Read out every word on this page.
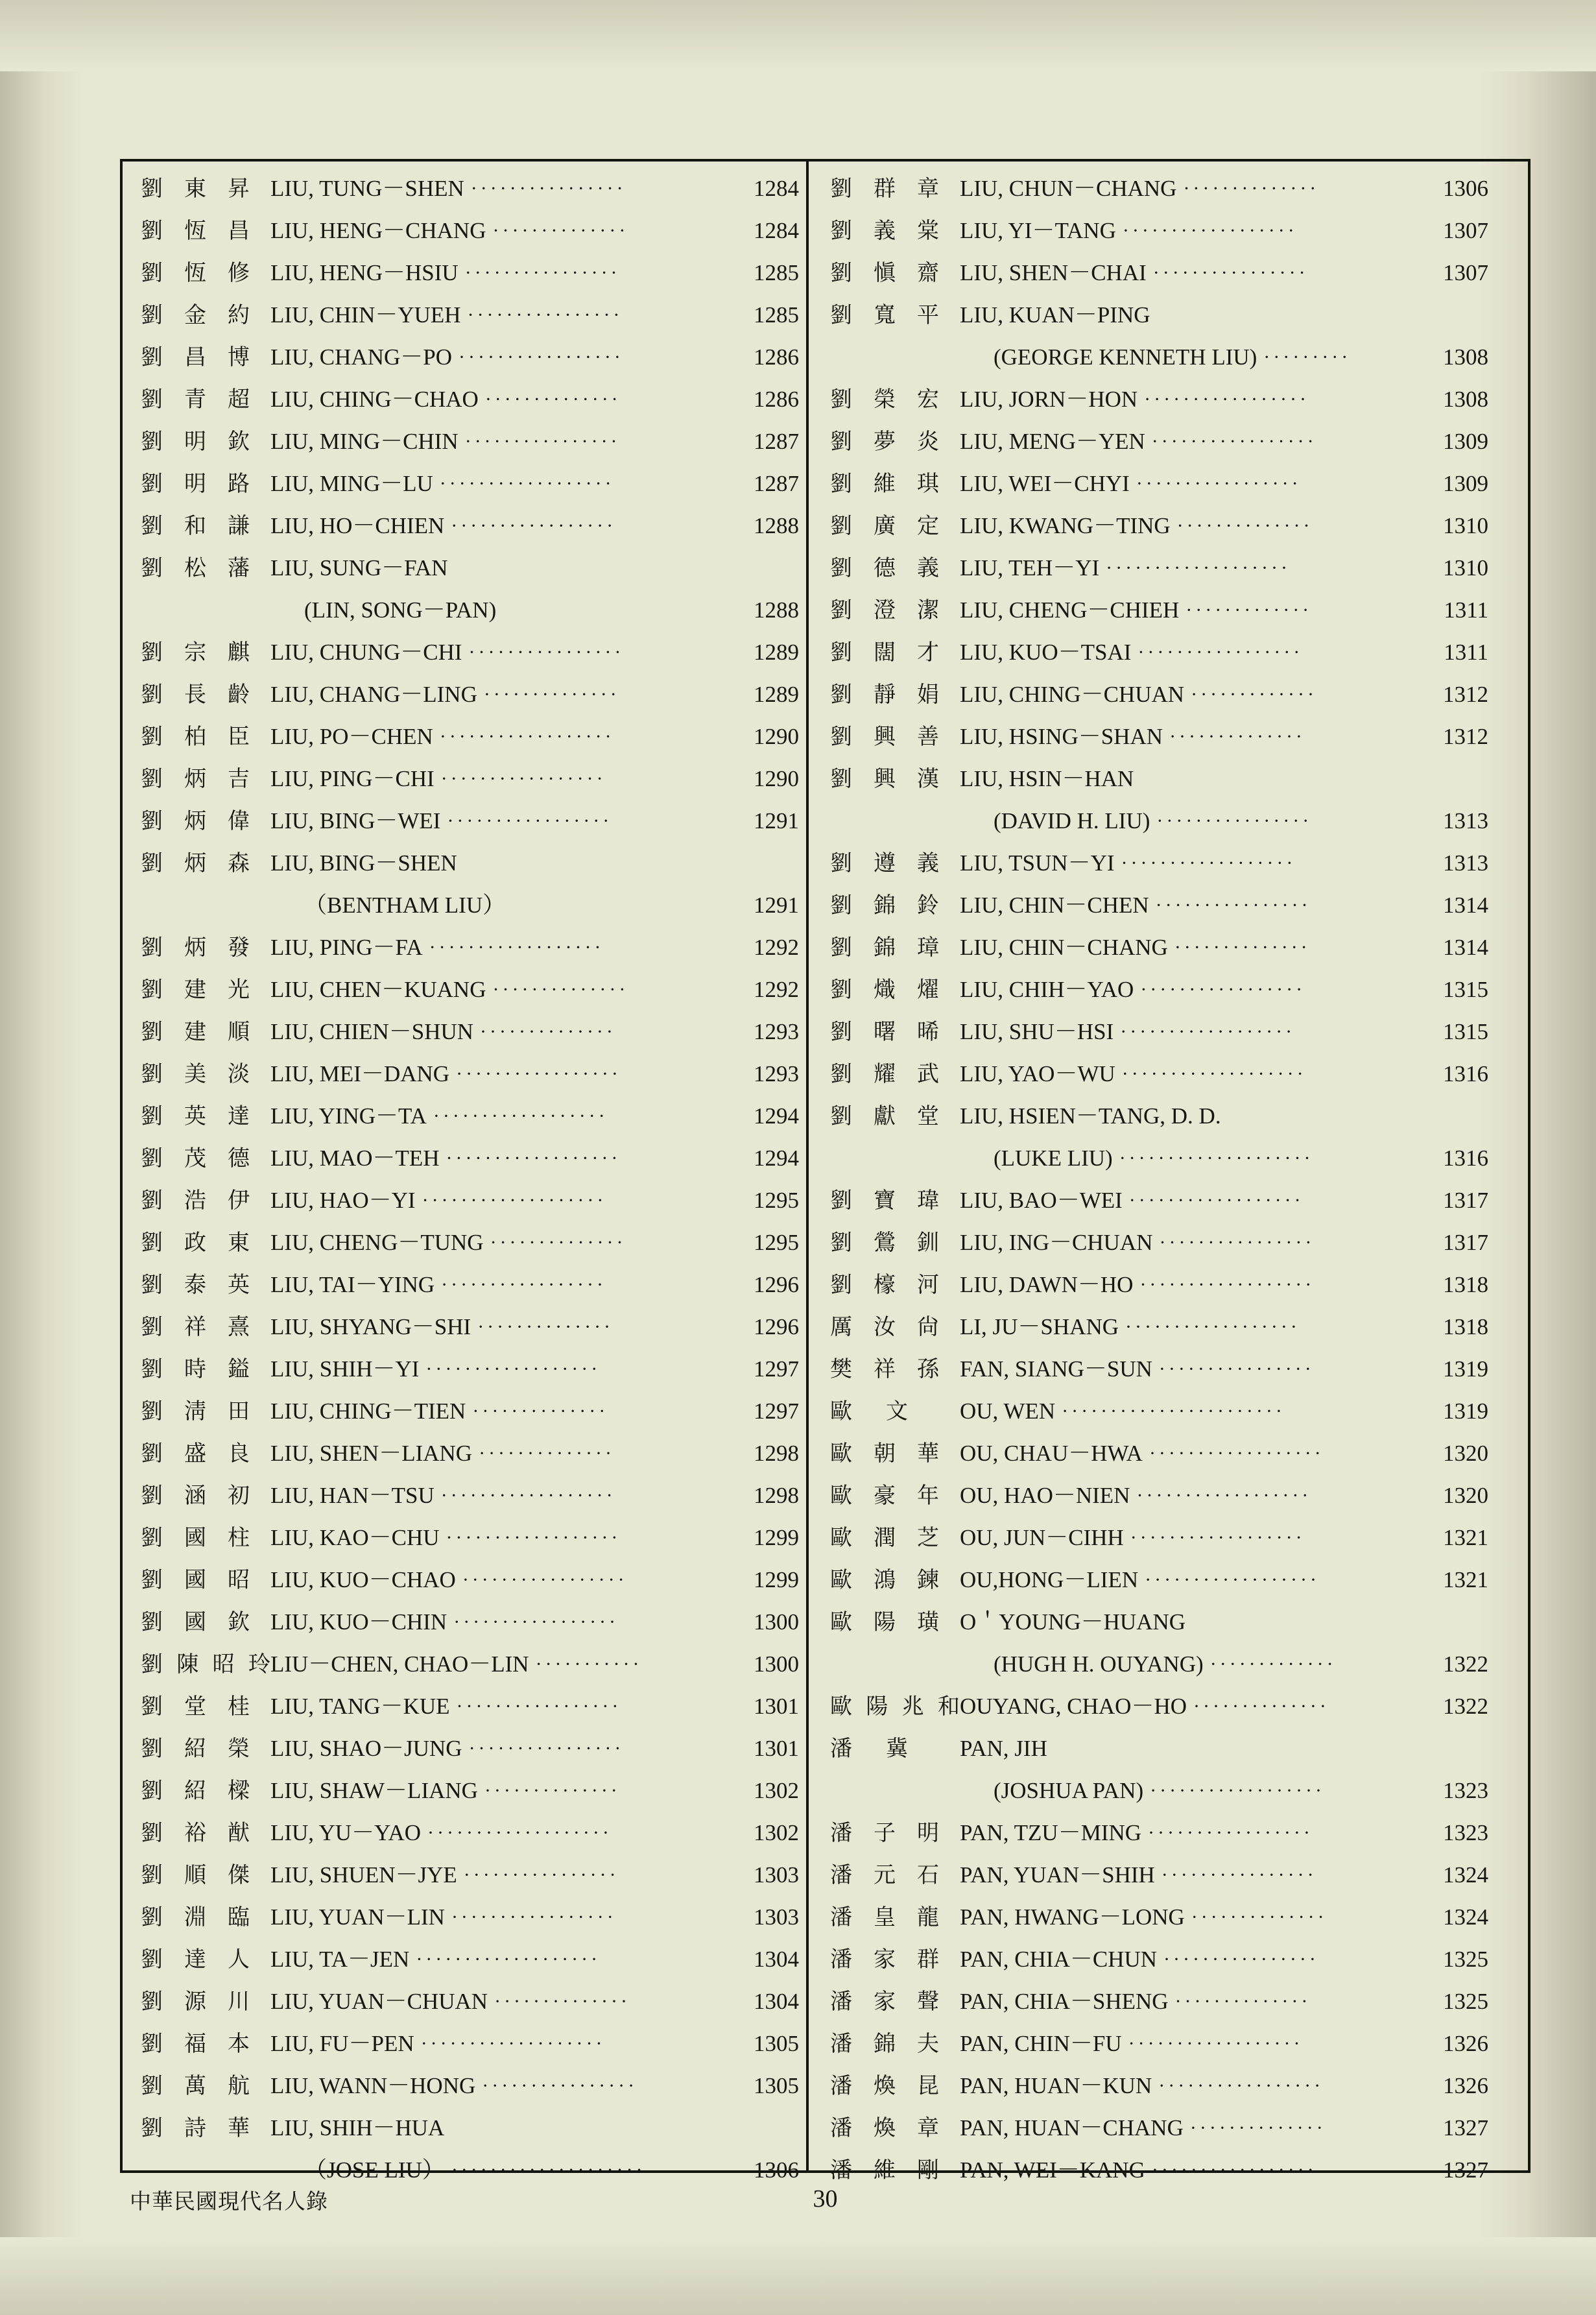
劉 東 昇 LIU, TUNG－SHEN ················	1284
劉 恆 昌 LIU, HENG－CHANG ··············	1284
劉 恆 修 LIU, HENG－HSIU ················	1285
劉 金 約 LIU, CHIN－YUEH ················	1285
劉 昌 博 LIU, CHANG－PO ·················	1286
劉 青 超 LIU, CHING－CHAO ··············	1286
劉 明 欽 LIU, MING－CHIN ················	1287
劉 明 路 LIU, MING－LU ··················	1287
劉 和 謙 LIU, HO－CHIEN ·················	1288
劉 松 藩 LIU, SUNG－FAN
(LIN, SONG－PAN)	1288
劉 宗 麒 LIU, CHUNG－CHI ················	1289
劉 長 齡 LIU, CHANG－LING ··············	1289
劉 柏 臣 LIU, PO－CHEN ··················	1290
劉 炳 吉 LIU, PING－CHI ·················	1290
劉 炳 偉 LIU, BING－WEI ·················	1291
劉 炳 森 LIU, BING－SHEN
（BENTHAM LIU）	1291
劉 炳 發 LIU, PING－FA ··················	1292
劉 建 光 LIU, CHEN－KUANG ··············	1292
劉 建 順 LIU, CHIEN－SHUN ··············	1293
劉 美 淡 LIU, MEI－DANG ·················	1293
劉 英 達 LIU, YING－TA ··················	1294
劉 茂 德 LIU, MAO－TEH ··················	1294
劉 浩 伊 LIU, HAO－YI ···················	1295
劉 政 東 LIU, CHENG－TUNG ··············	1295
劉 泰 英 LIU, TAI－YING ·················	1296
劉 祥 熹 LIU, SHYANG－SHI ··············	1296
劉 時 鎰 LIU, SHIH－YI ··················	1297
劉 淸 田 LIU, CHING－TIEN ··············	1297
劉 盛 良 LIU, SHEN－LIANG ··············	1298
劉 涵 初 LIU, HAN－TSU ··················	1298
劉 國 柱 LIU, KAO－CHU ··················	1299
劉 國 昭 LIU, KUO－CHAO ·················	1299
劉 國 欽 LIU, KUO－CHIN ·················	1300
劉 陳 昭 玲 LIU－CHEN, CHAO－LIN ···········	1300
劉 堂 桂 LIU, TANG－KUE ·················	1301
劉 紹 榮 LIU, SHAO－JUNG ················	1301
劉 紹 樑 LIU, SHAW－LIANG ··············	1302
劉 裕 猷 LIU, YU－YAO ···················	1302
劉 順 傑 LIU, SHUEN－JYE ················	1303
劉 淵 臨 LIU, YUAN－LIN ·················	1303
劉 達 人 LIU, TA－JEN ···················	1304
劉 源 川 LIU, YUAN－CHUAN ··············	1304
劉 福 本 LIU, FU－PEN ···················	1305
劉 萬 航 LIU, WANN－HONG ················	1305
劉 詩 華 LIU, SHIH－HUA
（JOSE LIU） ····················	1306
劉 群 章 LIU, CHUN－CHANG ··············	1306
劉 義 棠 LIU, YI－TANG ··················	1307
劉 愼 齋 LIU, SHEN－CHAI ················	1307
劉 寬 平 LIU, KUAN－PING
(GEORGE KENNETH LIU) ·········	1308
劉 榮 宏 LIU, JORN－HON ·················	1308
劉 夢 炎 LIU, MENG－YEN ·················	1309
劉 維 琪 LIU, WEI－CHYI ·················	1309
劉 廣 定 LIU, KWANG－TING ··············	1310
劉 德 義 LIU, TEH－YI ···················	1310
劉 澄 潔 LIU, CHENG－CHIEH ·············	1311
劉 闊 才 LIU, KUO－TSAI ·················	1311
劉 靜 娟 LIU, CHING－CHUAN ·············	1312
劉 興 善 LIU, HSING－SHAN ··············	1312
劉 興 漢 LIU, HSIN－HAN
(DAVID H. LIU) ················	1313
劉 遵 義 LIU, TSUN－YI ··················	1313
劉 錦 鈴 LIU, CHIN－CHEN ················	1314
劉 錦 璋 LIU, CHIN－CHANG ··············	1314
劉 熾 燿 LIU, CHIH－YAO ·················	1315
劉 曙 晞 LIU, SHU－HSI ··················	1315
劉 耀 武 LIU, YAO－WU ···················	1316
劉 獻 堂 LIU, HSIEN－TANG, D. D.
(LUKE LIU) ····················	1316
劉 寶 瑋 LIU, BAO－WEI ··················	1317
劉 鶯 釧 LIU, ING－CHUAN ················	1317
劉 檺 河 LIU, DAWN－HO ··················	1318
厲 汝 尙 LI, JU－SHANG ··················	1318
樊 祥 孫 FAN, SIANG－SUN ················	1319
歐 文 OU, WEN ·······················	1319
歐 朝 華 OU, CHAU－HWA ··················	1320
歐 豪 年 OU, HAO－NIEN ··················	1320
歐 潤 芝 OU, JUN－CIHH ··················	1321
歐 鴻 鍊 OU,HONG－LIEN ··················	1321
歐 陽 璜 O＇YOUNG－HUANG
(HUGH H. OUYANG) ·············	1322
歐 陽 兆 和 OUYANG, CHAO－HO ··············	1322
潘 冀 PAN, JIH
(JOSHUA PAN) ··················	1323
潘 子 明 PAN, TZU－MING ·················	1323
潘 元 石 PAN, YUAN－SHIH ················	1324
潘 皇 龍 PAN, HWANG－LONG ··············	1324
潘 家 群 PAN, CHIA－CHUN ················	1325
潘 家 聲 PAN, CHIA－SHENG ··············	1325
潘 錦 夫 PAN, CHIN－FU ··················	1326
潘 煥 昆 PAN, HUAN－KUN ·················	1326
潘 煥 章 PAN, HUAN－CHANG ··············	1327
潘 維 剛 PAN, WEI－KANG ·················	1327
中華民國現代名人錄	30
